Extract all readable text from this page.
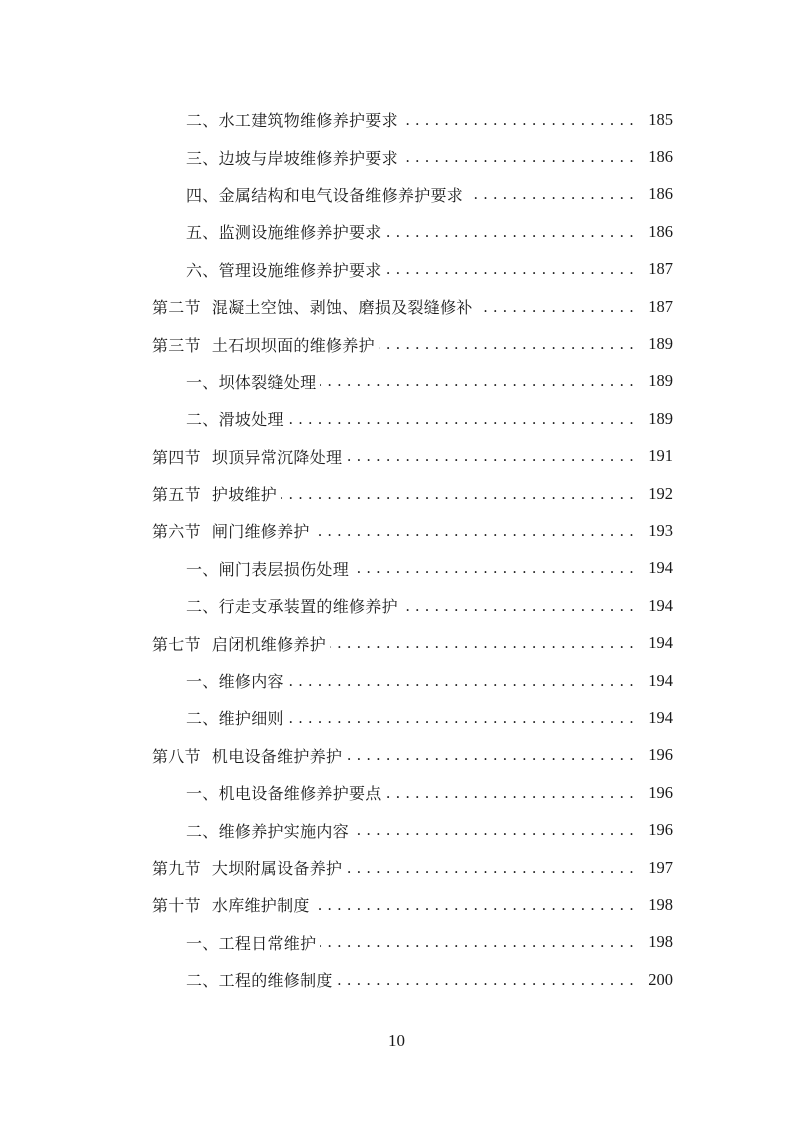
二、水工建筑物维修养护要求 . . .	185
三、边坡与岸坡维修养护要求 . . .	186
四、金属结构和电气设备维修养护要求 . . .	186
五、监测设施维修养护要求 . . .	186
六、管理设施维修养护要求 . . .	187
第二节 混凝土空蚀、剥蚀、磨损及裂缝修补 . . .	187
第三节 土石坝坝面的维修养护 . . .	189
一、坝体裂缝处理 . . .	189
二、滑坡处理 . . .	189
第四节 坝顶异常沉降处理 . . .	191
第五节 护坡维护 . . .	192
第六节 闸门维修养护 . . .	193
一、闸门表层损伤处理 . . .	194
二、行走支承装置的维修养护 . . .	194
第七节 启闭机维修养护 . . .	194
一、维修内容 . . .	194
二、维护细则 . . .	194
第八节 机电设备维护养护 . . .	196
一、机电设备维修养护要点 . . .	196
二、维修养护实施内容 . . .	196
第九节 大坝附属设备养护 . . .	197
第十节 水库维护制度 . . .	198
一、工程日常维护 . . .	198
二、工程的维修制度 . . .	200
10
